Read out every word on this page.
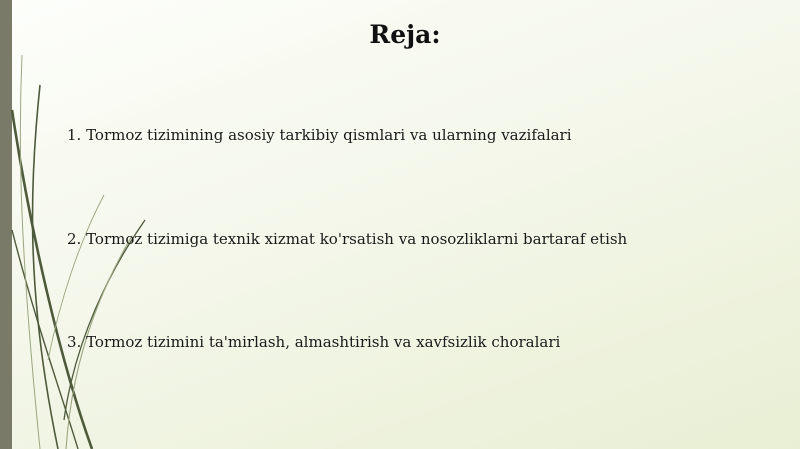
Reja:
1. Tormoz tizimining asosiy tarkibiy qismlari va ularning vazifalari
2. Tormoz tizimiga texnik xizmat ko'rsatish va nosozliklarni bartaraf etish
3. Tormoz tizimini ta'mirlash, almashtirish va xavfsizlik choralari
